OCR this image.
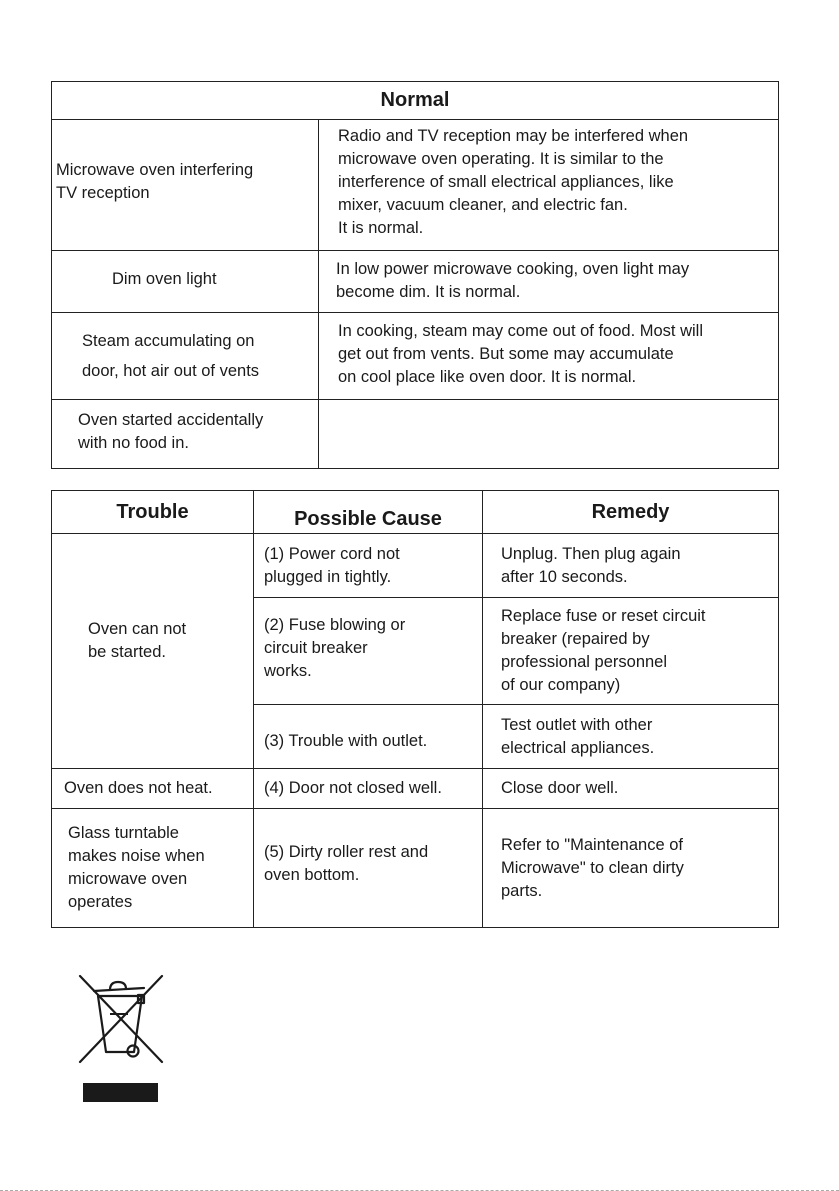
Normal	

Microwave oven interfering
TV reception	Radio and TV reception may be interfered when
microwave oven operating. It is similar to the
interference of small electrical appliances, like
mixer, vacuum cleaner, and electric fan.
It is normal.

Dim oven light	In low power microwave cooking, oven light may
become dim. It is normal.

Steam accumulating on
door, hot air out of vents	In cooking, steam may come out of food. Most will
get out from vents. But some may accumulate
on cool place like oven door. It is normal.

Oven started accidentally
with no food in.	

Trouble	Possible Cause	Remedy

Oven can not
be started.	(1) Power cord not
plugged in tightly.	Unplug. Then plug again
after 10 seconds.

	(2) Fuse blowing or
circuit breaker
works.	Replace fuse or reset circuit
breaker (repaired by
professional personnel
of our company)

	(3) Trouble with outlet.	Test outlet with other
electrical appliances.

Oven does not heat.	(4) Door not closed well.	Close door well.

Glass turntable
makes noise when
microwave oven
operates	(5) Dirty roller rest and
oven bottom.	Refer to "Maintenance of
Microwave" to clean dirty
parts.
